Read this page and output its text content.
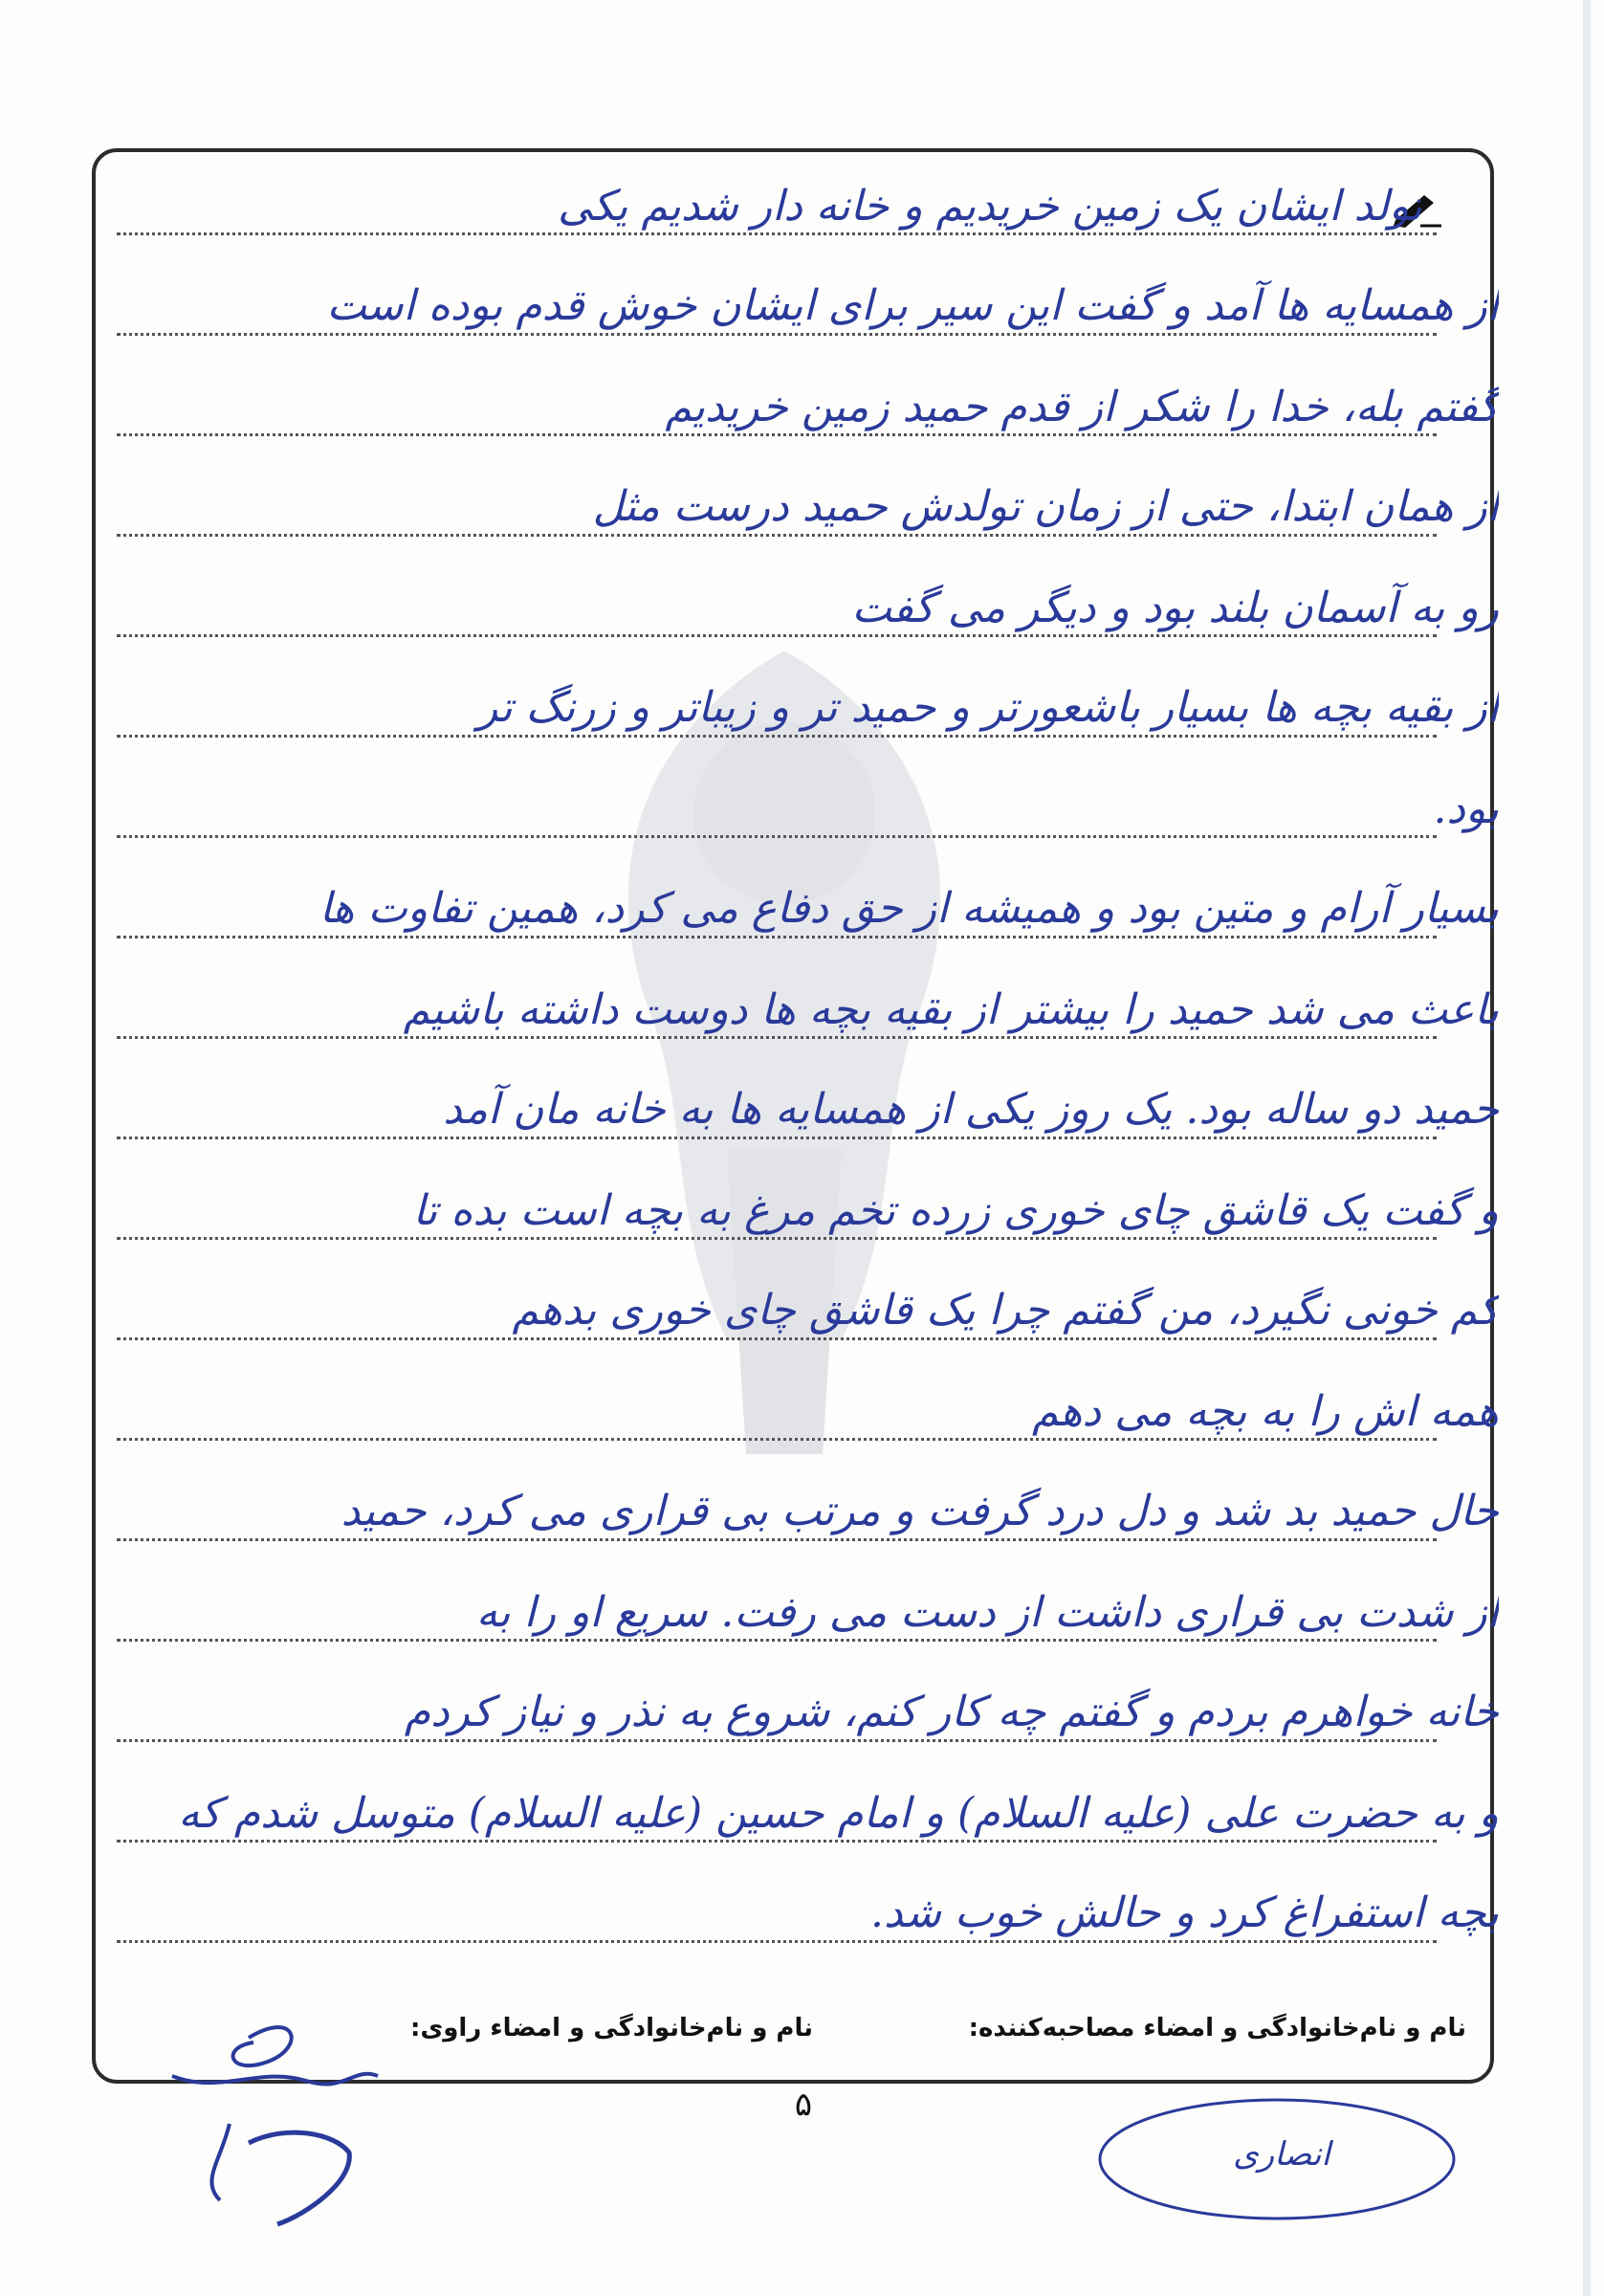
تولد ایشان یک زمین خریدیم و خانه دار شدیم یکی
از همسایه ها آمد و گفت این سیر برای ایشان خوش قدم بوده است
گفتم بله، خدا را شکر از قدم حمید زمین خریدیم
از همان ابتدا، حتی از زمان تولدش حمید درست مثل
رو به آسمان بلند بود و دیگر می گفت
از بقیه بچه ها بسیار باشعورتر و حمید تر و زیباتر و زرنگ تر
بود.
بسیار آرام و متین بود و همیشه از حق دفاع می کرد، همین تفاوت ها
باعث می شد حمید را بیشتر از بقیه بچه ها دوست داشته باشیم
حمید دو ساله بود. یک روز یکی از همسایه ها به خانه مان آمد
و گفت یک قاشق چای خوری زرده تخم مرغ به بچه است بده تا
کم خونی نگیرد، من گفتم چرا یک قاشق چای خوری بدهم
همه اش را به بچه می دهم
حال حمید بد شد و دل درد گرفت و مرتب بی قراری می کرد، حمید
از شدت بی قراری داشت از دست می رفت. سریع او را به
خانه خواهرم بردم و گفتم چه کار کنم، شروع به نذر و نیاز کردم
و به حضرت علی (علیه السلام) و امام حسین (علیه السلام) متوسل شدم که
بچه استفراغ کرد و حالش خوب شد.
نام و نام‌خانوادگی و امضاء مصاحبه‌کننده:
نام و نام‌خانوادگی و امضاء راوی:
۵
انصاری
